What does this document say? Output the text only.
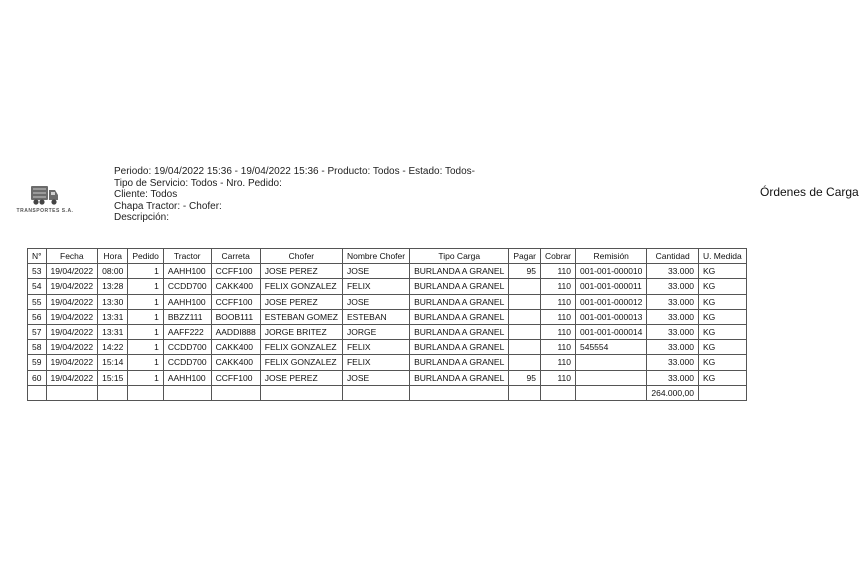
TRANSPORTES S.A.
Periodo: 19/04/2022 15:36 - 19/04/2022 15:36 - Producto: Todos - Estado: Todos-
Tipo de Servicio: Todos - Nro. Pedido:
Cliente: Todos
Chapa Tractor: - Chofer:
Descripción:
Órdenes de Carga
N°	Fecha	Hora	Pedido	Tractor	Carreta	Chofer	Nombre Chofer	Tipo Carga	Pagar	Cobrar	Remisión	Cantidad	U. Medida
53	19/04/2022	08:00	1	AAHH100	CCFF100	JOSE PEREZ	JOSE	BURLANDA A GRANEL	95	110	001-001-000010	33.000	KG
54	19/04/2022	13:28	1	CCDD700	CAKK400	FELIX GONZALEZ	FELIX	BURLANDA A GRANEL		110	001-001-000011	33.000	KG
55	19/04/2022	13:30	1	AAHH100	CCFF100	JOSE PEREZ	JOSE	BURLANDA A GRANEL		110	001-001-000012	33.000	KG
56	19/04/2022	13:31	1	BBZZ111	BOOB111	ESTEBAN GOMEZ	ESTEBAN	BURLANDA A GRANEL		110	001-001-000013	33.000	KG
57	19/04/2022	13:31	1	AAFF222	AADDI888	JORGE BRITEZ	JORGE	BURLANDA A GRANEL		110	001-001-000014	33.000	KG
58	19/04/2022	14:22	1	CCDD700	CAKK400	FELIX GONZALEZ	FELIX	BURLANDA A GRANEL		110	545554	33.000	KG
59	19/04/2022	15:14	1	CCDD700	CAKK400	FELIX GONZALEZ	FELIX	BURLANDA A GRANEL		110		33.000	KG
60	19/04/2022	15:15	1	AAHH100	CCFF100	JOSE PEREZ	JOSE	BURLANDA A GRANEL	95	110		33.000	KG
												264.000,00	
